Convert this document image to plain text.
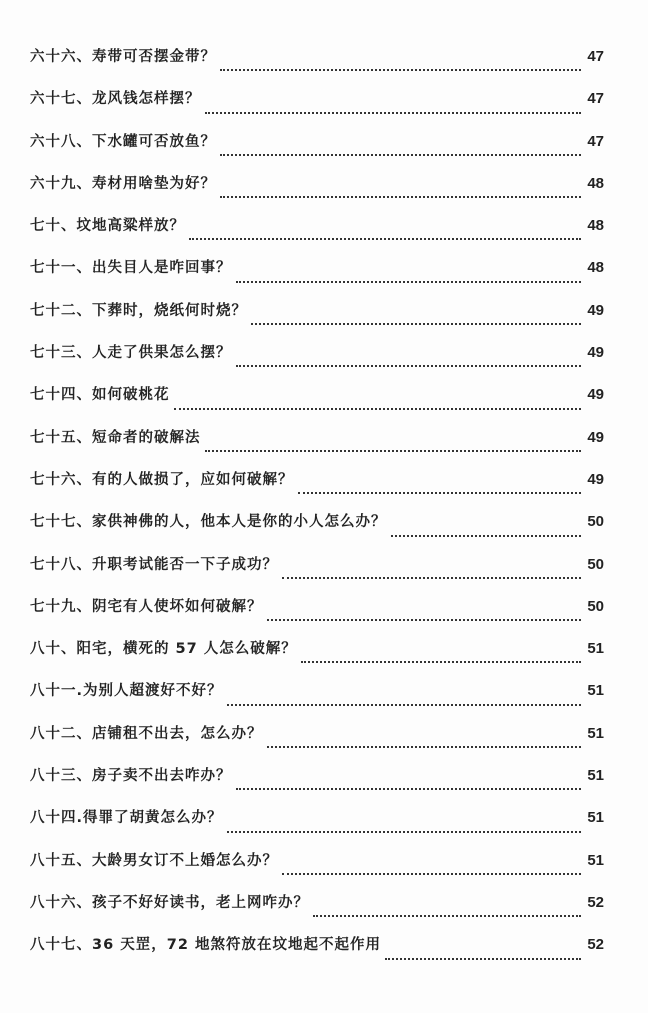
六十六、寿带可否摆金带？	47
六十七、龙风钱怎样摆？	47
六十八、下水罐可否放鱼？	47
六十九、寿材用啥垫为好？	48
七十、坟地高粱样放？	48
七十一、出失目人是咋回事？	48
七十二、下葬时，烧纸何时烧？	49
七十三、人走了供果怎么摆？	49
七十四、如何破桃花	49
七十五、短命者的破解法	49
七十六、有的人做损了，应如何破解？	49
七十七、家供神佛的人，他本人是你的小人怎么办？	50
七十八、升职考试能否一下子成功？	50
七十九、阴宅有人使坏如何破解？	50
八十、阳宅，横死的 57 人怎么破解？	51
八十一.为别人超渡好不好？	51
八十二、店铺租不出去，怎么办？	51
八十三、房子卖不出去咋办？	51
八十四.得罪了胡黄怎么办？	51
八十五、大龄男女订不上婚怎么办？	51
八十六、孩子不好好读书，老上网咋办？	52
八十七、36 天罡，72 地煞符放在坟地起不起作用	52
